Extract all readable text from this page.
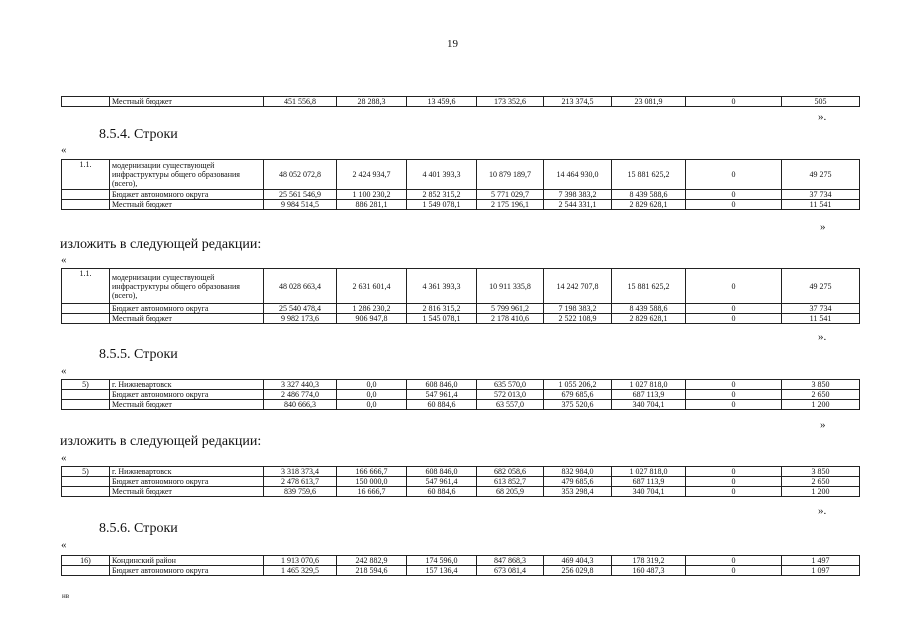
19
	Местный бюджет	451 556,8	28 288,3	13 459,6	173 352,6	213 374,5	23 081,9	0	505
».
8.5.4. Строки
«
1.1.	модернизации существующей инфраструктуры общего образования (всего),	48 052 072,8	2 424 934,7	4 401 393,3	10 879 189,7	14 464 930,0	15 881 625,2	0	49 275
	Бюджет автономного округа	25 561 546,9	1 100 230,2	2 852 315,2	5 771 029,7	7 398 383,2	8 439 588,6	0	37 734
	Местный бюджет	9 984 514,5	886 281,1	1 549 078,1	2 175 196,1	2 544 331,1	2 829 628,1	0	11 541
»
изложить в следующей редакции:
«
1.1.	модернизации существующей инфраструктуры общего образования (всего),	48 028 663,4	2 631 601,4	4 361 393,3	10 911 335,8	14 242 707,8	15 881 625,2	0	49 275
	Бюджет автономного округа	25 540 478,4	1 286 230,2	2 816 315,2	5 799 961,2	7 198 383,2	8 439 588,6	0	37 734
	Местный бюджет	9 982 173,6	906 947,8	1 545 078,1	2 178 410,6	2 522 108,9	2 829 628,1	0	11 541
».
8.5.5. Строки
«
5)	г. Нижневартовск	3 327 440,3	0,0	608 846,0	635 570,0	1 055 206,2	1 027 818,0	0	3 850
	Бюджет автономного округа	2 486 774,0	0,0	547 961,4	572 013,0	679 685,6	687 113,9	0	2 650
	Местный бюджет	840 666,3	0,0	60 884,6	63 557,0	375 520,6	340 704,1	0	1 200
»
изложить в следующей редакции:
«
5)	г. Нижневартовск	3 318 373,4	166 666,7	608 846,0	682 058,6	832 984,0	1 027 818,0	0	3 850
	Бюджет автономного округа	2 478 613,7	150 000,0	547 961,4	613 852,7	479 685,6	687 113,9	0	2 650
	Местный бюджет	839 759,6	16 666,7	60 884,6	68 205,9	353 298,4	340 704,1	0	1 200
».
8.5.6. Строки
«
16)	Кондинский район	1 913 070,6	242 882,9	174 596,0	847 868,3	469 404,3	178 319,2	0	1 497
	Бюджет автономного округа	1 465 329,5	218 594,6	157 136,4	673 081,4	256 029,8	160 487,3	0	1 097
нв
